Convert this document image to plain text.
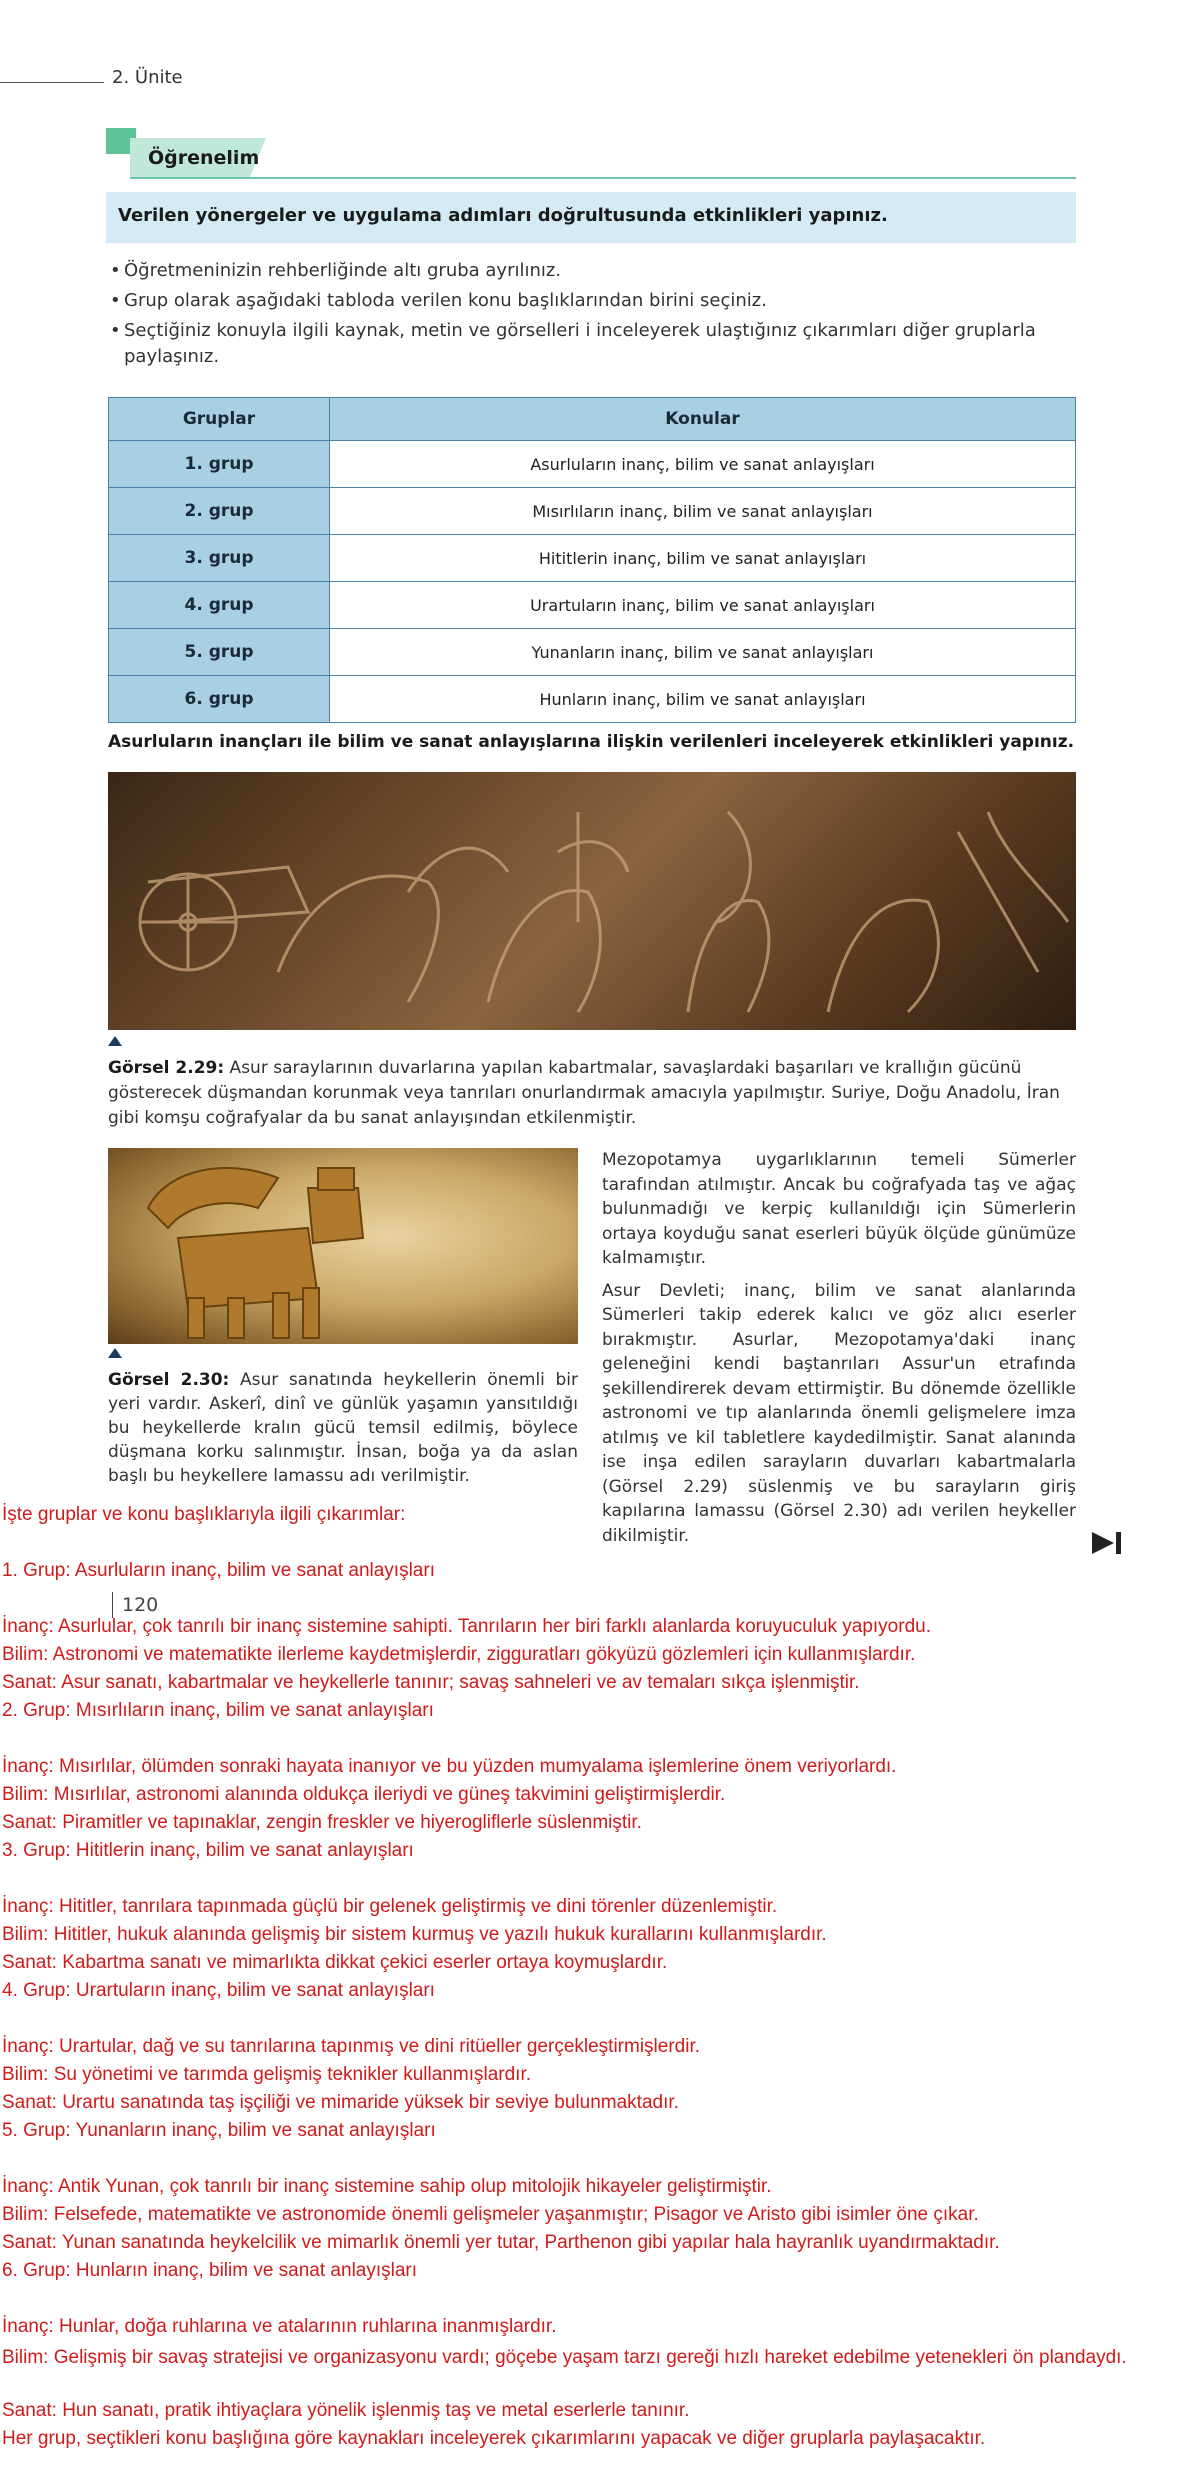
2. Ünite
Öğrenelim
Verilen yönergeler ve uygulama adımları doğrultusunda etkinlikleri yapınız.
• Öğretmeninizin rehberliğinde altı gruba ayrılınız.
• Grup olarak aşağıdaki tabloda verilen konu başlıklarından birini seçiniz.
• Seçtiğiniz konuyla ilgili kaynak, metin ve görselleri i inceleyerek ulaştığınız çıkarımları diğer gruplarla paylaşınız.
Gruplar	Konular
1. grup	Asurluların inanç, bilim ve sanat anlayışları
2. grup	Mısırlıların inanç, bilim ve sanat anlayışları
3. grup	Hititlerin inanç, bilim ve sanat anlayışları
4. grup	Urartuların inanç, bilim ve sanat anlayışları
5. grup	Yunanların inanç, bilim ve sanat anlayışları
6. grup	Hunların inanç, bilim ve sanat anlayışları
Asurluların inançları ile bilim ve sanat anlayışlarına ilişkin verilenleri inceleyerek etkinlikleri yapınız.
Görsel 2.29: Asur saraylarının duvarlarına yapılan kabartmalar, savaşlardaki başarıları ve krallığın gücünü gösterecek düşmandan korunmak veya tanrıları onurlandırmak amacıyla yapılmıştır. Suriye, Doğu Anadolu, İran gibi komşu coğrafyalar da bu sanat anlayışından etkilenmiştir.
Görsel 2.30: Asur sanatında heykellerin önemli bir yeri vardır. Askerî, dinî ve günlük yaşamın yansıtıldığı bu heykellerde kralın gücü temsil edilmiş, böylece düşmana korku salınmıştır. İnsan, boğa ya da aslan başlı bu heykellere lamassu adı verilmiştir.

Mezopotamya uygarlıklarının temeli Sümerler tarafından atılmıştır. Ancak bu coğrafyada taş ve ağaç bulunmadığı ve kerpiç kullanıldığı için Sümerlerin ortaya koyduğu sanat eserleri büyük ölçüde günümüze kalmamıştır.

Asur Devleti; inanç, bilim ve sanat alanlarında Sümerleri takip ederek kalıcı ve göz alıcı eserler bırakmıştır. Asurlar, Mezopotamya'daki inanç geleneğini kendi baştanrıları Assur'un etrafında şekillendirerek devam ettirmiştir. Bu dönemde özellikle astronomi ve tıp alanlarında önemli gelişmelere imza atılmış ve kil tabletlere kaydedilmiştir. Sanat alanında ise inşa edilen sarayların duvarları kabartmalarla (Görsel 2.29) süslenmiş ve bu sarayların giriş kapılarına lamassu (Görsel 2.30) adı verilen heykeller dikilmiştir.

İşte gruplar ve konu başlıklarıyla ilgili çıkarımlar:
1. Grup: Asurluların inanç, bilim ve sanat anlayışları
120
İnanç: Asurlular, çok tanrılı bir inanç sistemine sahipti. Tanrıların her biri farklı alanlarda koruyuculuk yapıyordu.
Bilim: Astronomi ve matematikte ilerleme kaydetmişlerdir, zigguratları gökyüzü gözlemleri için kullanmışlardır.
Sanat: Asur sanatı, kabartmalar ve heykellerle tanınır; savaş sahneleri ve av temaları sıkça işlenmiştir.
2. Grup: Mısırlıların inanç, bilim ve sanat anlayışları
İnanç: Mısırlılar, ölümden sonraki hayata inanıyor ve bu yüzden mumyalama işlemlerine önem veriyorlardı.
Bilim: Mısırlılar, astronomi alanında oldukça ileriydi ve güneş takvimini geliştirmişlerdir.
Sanat: Piramitler ve tapınaklar, zengin freskler ve hiyerogliflerle süslenmiştir.
3. Grup: Hititlerin inanç, bilim ve sanat anlayışları
İnanç: Hititler, tanrılara tapınmada güçlü bir gelenek geliştirmiş ve dini törenler düzenlemiştir.
Bilim: Hititler, hukuk alanında gelişmiş bir sistem kurmuş ve yazılı hukuk kurallarını kullanmışlardır.
Sanat: Kabartma sanatı ve mimarlıkta dikkat çekici eserler ortaya koymuşlardır.
4. Grup: Urartuların inanç, bilim ve sanat anlayışları
İnanç: Urartular, dağ ve su tanrılarına tapınmış ve dini ritüeller gerçekleştirmişlerdir.
Bilim: Su yönetimi ve tarımda gelişmiş teknikler kullanmışlardır.
Sanat: Urartu sanatında taş işçiliği ve mimaride yüksek bir seviye bulunmaktadır.
5. Grup: Yunanların inanç, bilim ve sanat anlayışları
İnanç: Antik Yunan, çok tanrılı bir inanç sistemine sahip olup mitolojik hikayeler geliştirmiştir.
Bilim: Felsefede, matematikte ve astronomide önemli gelişmeler yaşanmıştır; Pisagor ve Aristo gibi isimler öne çıkar.
Sanat: Yunan sanatında heykelcilik ve mimarlık önemli yer tutar, Parthenon gibi yapılar hala hayranlık uyandırmaktadır.
6. Grup: Hunların inanç, bilim ve sanat anlayışları
İnanç: Hunlar, doğa ruhlarına ve atalarının ruhlarına inanmışlardır.
Bilim: Gelişmiş bir savaş stratejisi ve organizasyonu vardı; göçebe yaşam tarzı gereği hızlı hareket edebilme yetenekleri ön plandaydı.
Sanat: Hun sanatı, pratik ihtiyaçlara yönelik işlenmiş taş ve metal eserlerle tanınır.
Her grup, seçtikleri konu başlığına göre kaynakları inceleyerek çıkarımlarını yapacak ve diğer gruplarla paylaşacaktır.
